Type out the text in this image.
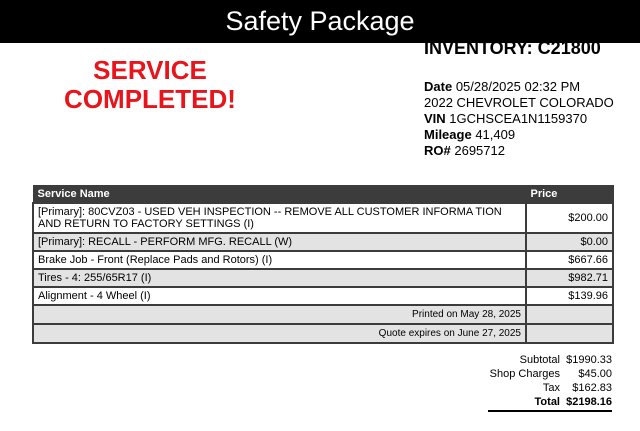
Safety Package
SERVICE
COMPLETED!
INVENTORY: C21800
Date 05/28/2025 02:32 PM
2022 CHEVROLET COLORADO
VIN 1GCHSCEA1N1159370
Mileage 41,409
RO# 2695712
Service Name	Price
[Primary]: 80CVZ03 - USED VEH INSPECTION -- REMOVE ALL CUSTOMER INFORMA TION AND RETURN TO FACTORY SETTINGS (I)	$200.00
[Primary]: RECALL - PERFORM MFG. RECALL (W)	$0.00
Brake Job - Front (Replace Pads and Rotors) (I)	$667.66
Tires - 4: 255/65R17 (I)	$982.71
Alignment - 4 Wheel (I)	$139.96
Printed on May 28, 2025	
Quote expires on June 27, 2025	
Subtotal $1990.33
Shop Charges	$45.00
Tax	$162.83
Total $2198.16
